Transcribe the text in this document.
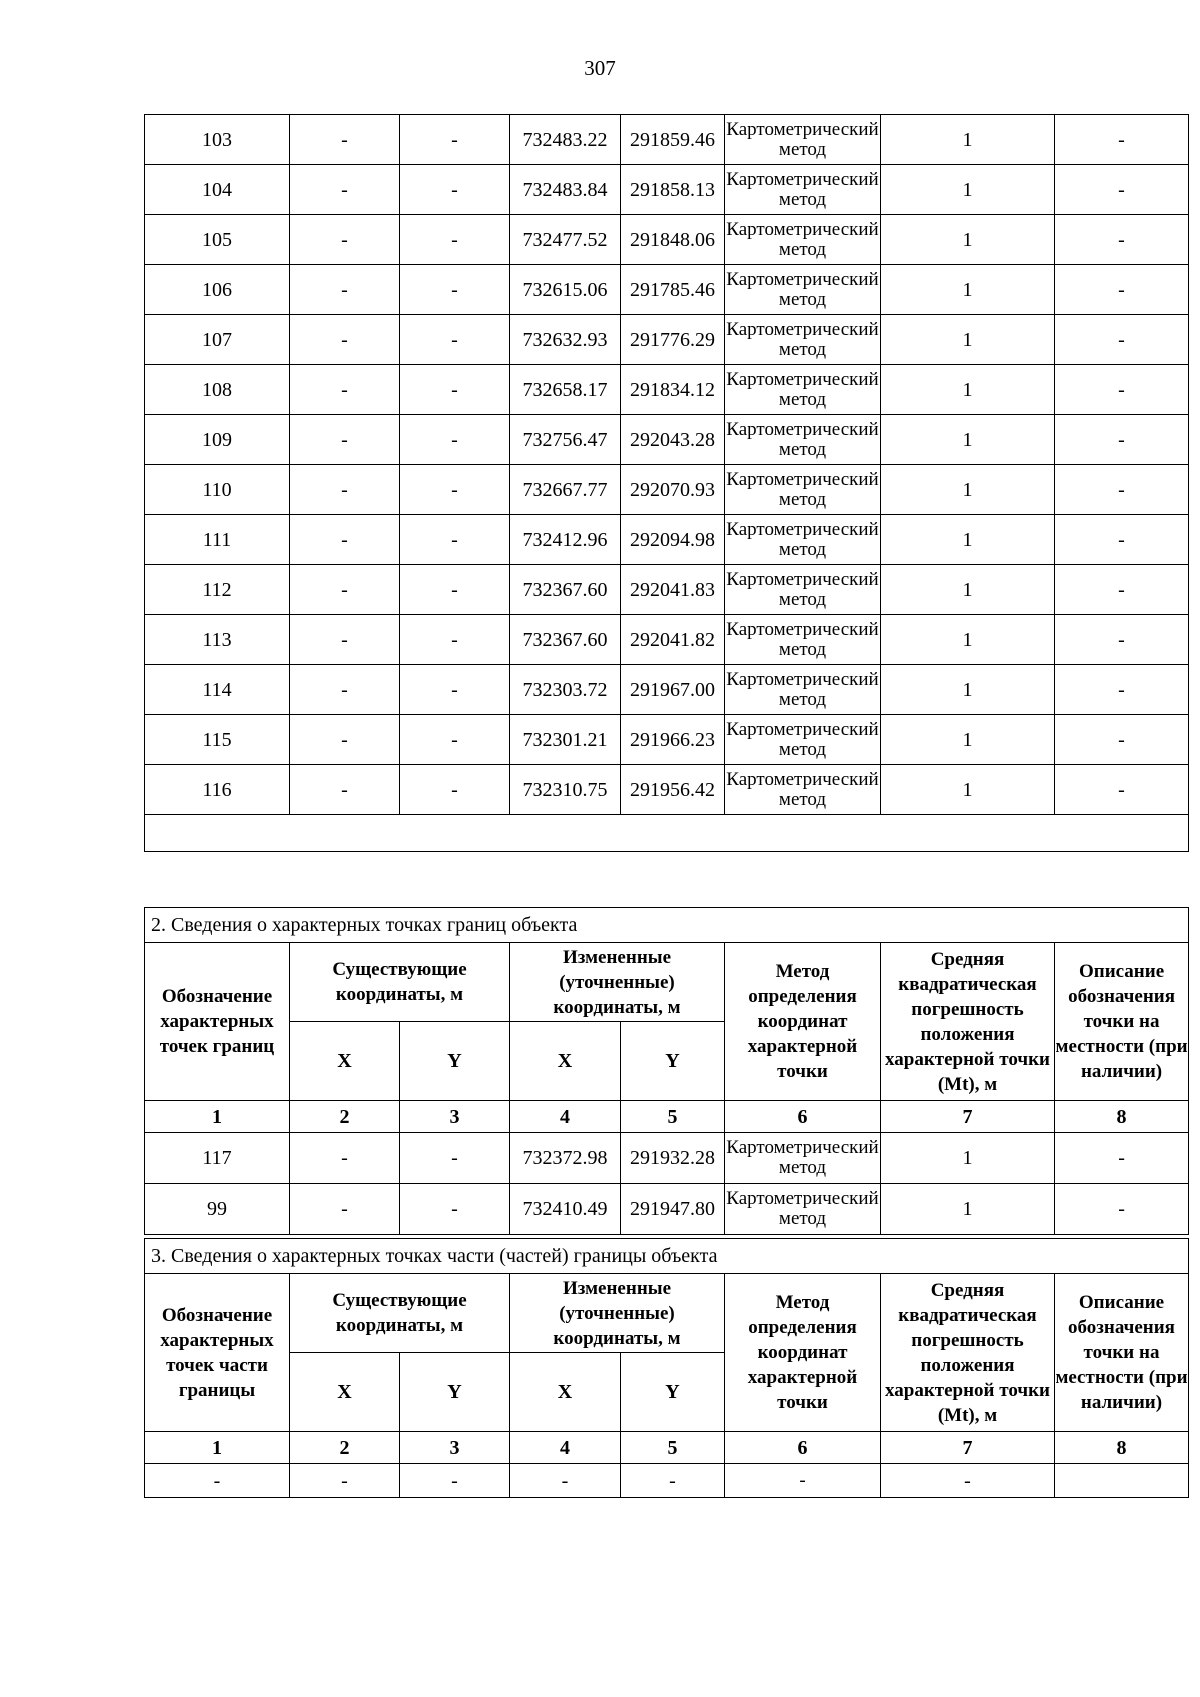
307
103	-	-	732483.22	291859.46	Картометрический метод	1	-
104	-	-	732483.84	291858.13	Картометрический метод	1	-
105	-	-	732477.52	291848.06	Картометрический метод	1	-
106	-	-	732615.06	291785.46	Картометрический метод	1	-
107	-	-	732632.93	291776.29	Картометрический метод	1	-
108	-	-	732658.17	291834.12	Картометрический метод	1	-
109	-	-	732756.47	292043.28	Картометрический метод	1	-
110	-	-	732667.77	292070.93	Картометрический метод	1	-
111	-	-	732412.96	292094.98	Картометрический метод	1	-
112	-	-	732367.60	292041.83	Картометрический метод	1	-
113	-	-	732367.60	292041.82	Картометрический метод	1	-
114	-	-	732303.72	291967.00	Картометрический метод	1	-
115	-	-	732301.21	291966.23	Картометрический метод	1	-
116	-	-	732310.75	291956.42	Картометрический метод	1	-

2. Сведения о характерных точках границ объекта							
Обозначение характерных точек границ	Существующие координаты, м		Измененные (уточненные) координаты, м		Метод определения координат характерной точки	Средняя квадратическая погрешность положения характерной точки (Mt), м	Описание обозначения точки на местности (при наличии)
	X	Y	X	Y			
1	2	3	4	5	6	7	8
117	-	-	732372.98	291932.28	Картометрический метод	1	-
99	-	-	732410.49	291947.80	Картометрический метод	1	-
3. Сведения о характерных точках части (частей) границы объекта							
Обозначение характерных точек части границы	Существующие координаты, м		Измененные (уточненные) координаты, м		Метод определения координат характерной точки	Средняя квадратическая погрешность положения характерной точки (Mt), м	Описание обозначения точки на местности (при наличии)
	X	Y	X	Y			
1	2	3	4	5	6	7	8
-	-	-	-	-	-	-	
